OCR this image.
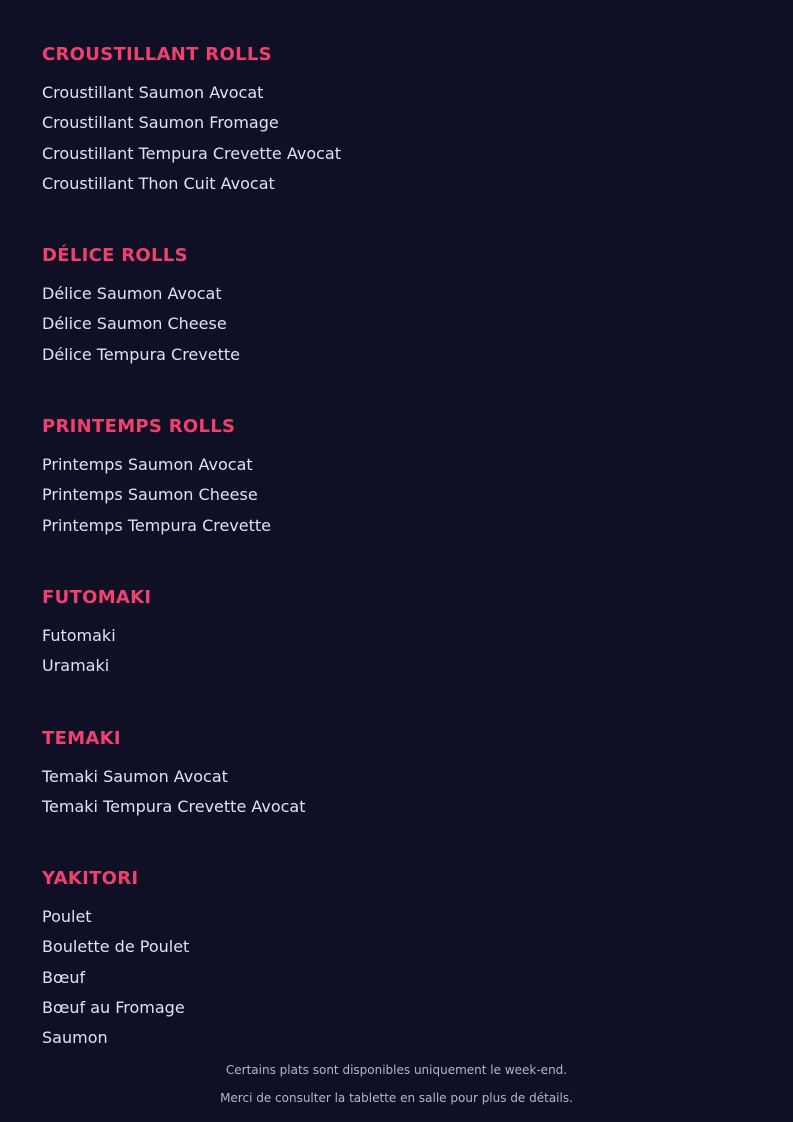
CROUSTILLANT ROLLS
Croustillant Saumon Avocat
Croustillant Saumon Fromage
Croustillant Tempura Crevette Avocat
Croustillant Thon Cuit Avocat
DÉLICE ROLLS
Délice Saumon Avocat
Délice Saumon Cheese
Délice Tempura Crevette
PRINTEMPS ROLLS
Printemps Saumon Avocat
Printemps Saumon Cheese
Printemps Tempura Crevette
FUTOMAKI
Futomaki
Uramaki
TEMAKI
Temaki Saumon Avocat
Temaki Tempura Crevette Avocat
YAKITORI
Poulet
Boulette de Poulet
Bœuf
Bœuf au Fromage
Saumon
Certains plats sont disponibles uniquement le week-end.
Merci de consulter la tablette en salle pour plus de détails.
